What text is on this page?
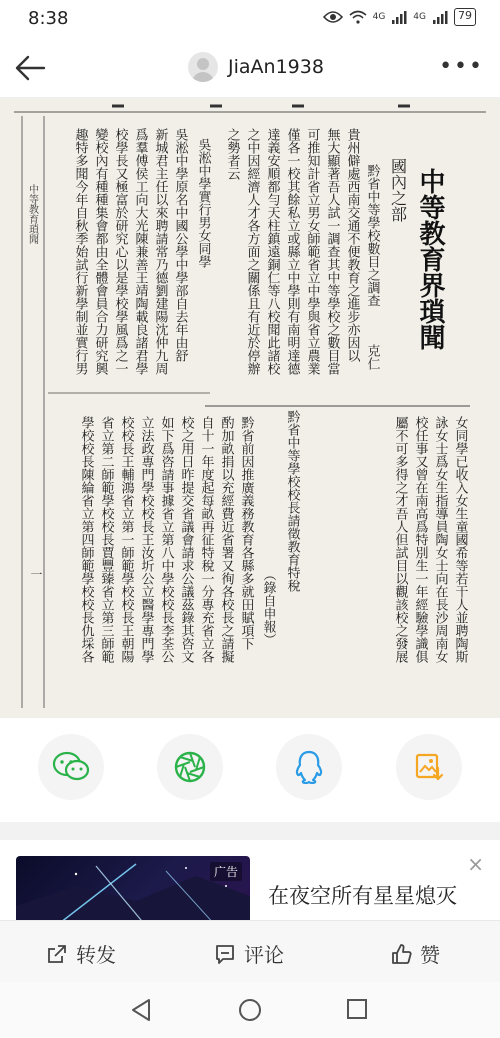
8:38	4G	4G	79
JiaAn1938	•••
中等教育界瑣聞
國內之部
黔省中等學校數目之調查
克仁
貴州僻處西南交通不便教育之進步亦因以
無大顯著吾人試一調查其中等學校之數目當
可推知計省立男女師範省立中學與省立農業
僅各一校其餘私立或縣立中學則有南明達德
達義安順都勻天柱鎮遠銅仁等八校聞此諸校
之中因經濟人才各方面之關係且有近於停辦
之勢者云
吳淞中學實行男女同學
吳淞中學原名中國公學中學部自去年由舒
新城君主任以來聘請常乃德劉建陽沈仲九周
爲羣傅侯工向大光陳兼善王靖陶載良諸君學
校學長又極富於研究心以是學校學風爲之一
變校內有種種集會都由全體會員合力研究興
趣特多聞今年自秋季始試行新學制並實行男
女同學已收入女生童國希等若干人並聘陶斯
詠女士爲女生指導員陶女士向在長沙周南女
校任事又曾在南高爲特別生一年經驗學識俱
屬不可多得之才吾人但試目以觀該校之發展
黔省中等學校校長請徵教育特稅
（錄自申報）
黔省前因推廣義務教育各縣多就田賦項下
酌加畝捐以充經費近省署又徇各校長之請擬
自十一年度起每畝再征特稅一分專充省立各
校之用日昨提交省議會請求公議茲錄其咨文
如下爲咨請事據省立第八中學校校長李荃公
立法政專門學校校長王汝圻公立醫學專門學
校校長王輔鴻省立第一師範學校校長王朝陽
省立第二師範學校校長賈豐臻省立第三師範
學校校長陳綸省立第四師範學校校長仇埰各
中等教育瑣聞
一
广告	×
在夜空所有星星熄灭
转发	评论	赞
